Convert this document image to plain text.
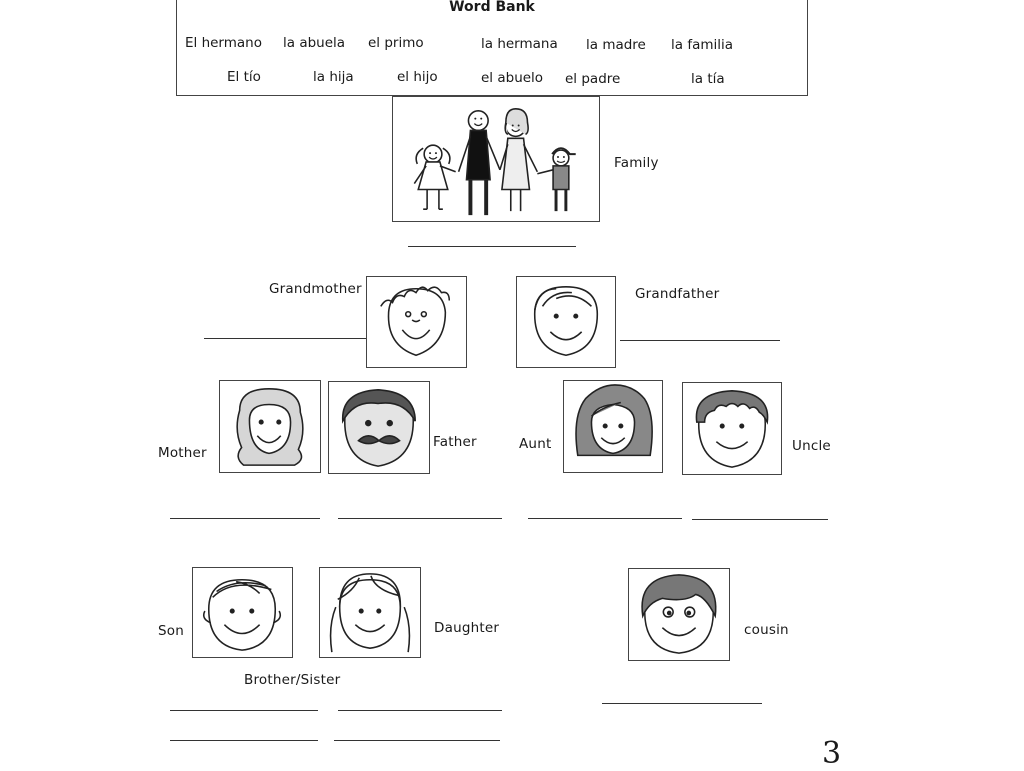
Word Bank
El hermano la abuela el primo	la hermana la madre la familia
El tío	la hija	el hijo	el abuelo el padre	la tía
Family
Grandmother	Grandfather
Mother
Father	Aunt	Uncle
Son	Daughter	cousin
Brother/Sister
3
